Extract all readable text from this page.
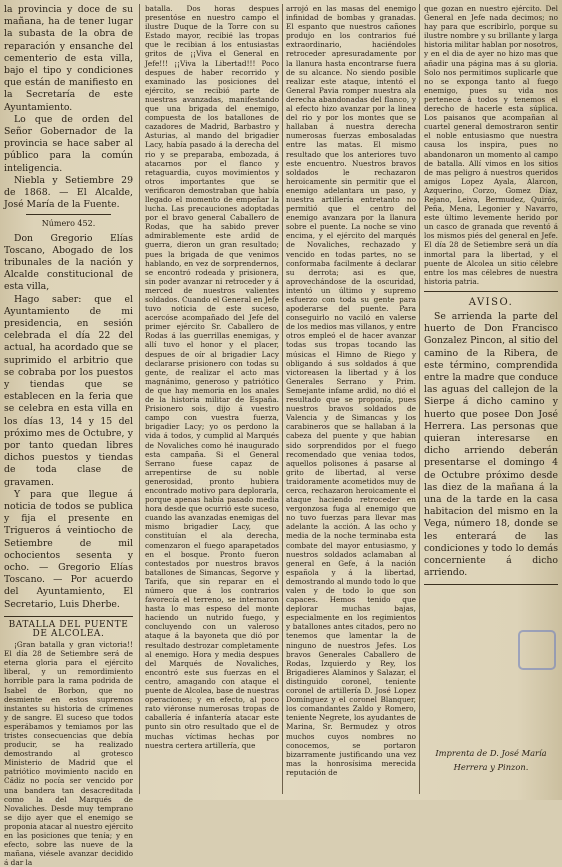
la provincia y doce de su mañana, ha de tener lugar la subasta de la obra de reparación y ensanche del cementerio de esta villa, bajo el tipo y condiciones que están de manifiesto en la Secretaría de este Ayuntamiento.

Lo que de orden del Señor Gobernador de la provincia se hace saber al público para la común inteligencia.

Niebla y Setiembre 29 de 1868. — El Alcalde, José María de la Fuente.

Número 452.

Don Gregorio Elías Toscano, Abogado de los tribunales de la nación y Alcalde constitucional de esta villa,

Hago saber: que el Ayuntamiento de mi presidencia, en sesión celebrada el día 22 del actual, ha acordado que se suprimido el arbitrio que se cobraba por los puestos y tiendas que se establecen en la feria que se celebra en esta villa en los días 13, 14 y 15 del próximo mes de Octubre, y por tanto quedan libres dichos puestos y tiendas de toda clase de gravamen.

Y para que llegue á noticia de todos se publica y fija el presente en Trigueros á veintiocho de Setiembre de mil ochocientos sesenta y ocho. — Gregorio Elías Toscano. — Por acuerdo del Ayuntamiento, El Secretario, Luis Dherbe.

BATALLA DEL PUENTE DE ALCOLEA.

¡Gran batalla y gran victoria!! El día 28 de Setiembre será de eterna gloria para el ejército liberal, y un remordimiento horrible para la rama podrida de Isabel de Borbon, que no desmiente en estos supremos instantes su historia de crímenes y de sangre. El suceso que todos esperábamos y temiamos por las tristes consecuencias que debía producir, se ha realizado demostrando al grotesco Ministerio de Madrid que el patriótico movimiento nacido en Cádiz no pocía ser vencido por una bandera tan desacreditada como la del Marqués de Novaliches. Desde muy temprano se dijo ayer que el enemigo se proponia atacar al nuestro ejército en las posiciones que tenía; y en efecto, sobre las nueve de la mañana, viésele avanzar decidido á dar la

batalla. Dos horas despues presentóse en nuestro campo el ilustre Duque de la Torre con su Estado mayor, recibié las tropas que le recibian á los entusiastas gritos de ¡¡Viva el General en Jefe!!! ¡¡Viva la Libertad!!! Poco despues de haber recorrido y examinado las posiciones del ejército, se recibió parte de nuestras avanzadas, manifestando que una brigada del enemigo, compuesta de los batallones de cazadores de Madrid, Barbastro y Asturias, al mando del brigadier Lacy, había pasado á la derecha del rio y se preparaba, embozada, á atacarnos por el flanco y retaguardia, cuyos movimientos y otros importantes que se verificaron demostraban que había llegado el momento de empeñar la lucha. Las precauciones adoptadas por el bravo general Caballero de Rodas, que ha sabido prever admirablemente este ardid de guerra, dieron un gran resultado; pues la brigada de que venimos hablando, en vez de sorprendernos, se encontró rodeada y prisionera, sin poder avanzar ni retroceder y á merced de nuestros valientes soldados. Cuando el General en Jefe tuvo noticia de este suceso, acercóse acompañado del Jefe del primer ejército Sr. Caballero de Rodas á las guerrillas enemigas, y allí tuvo el honor y el placer, despues de oír al brigadier Lacy declararse prisionero con todas su gente, de realizar el acto mas magnánimo, generoso y patriótico de que hay memoria en los anales de la historia militar de España. Prisionero sois, dijo á vuestro campo con vuestra fuerza, brigadier Lacy; yo os perdono la vida á todos, y cumplid al Marqués de Novaliches como hé inaugurado esta campaña. Si el General Serrano fuese capaz de arrepentirse de su noble generosidad, pronto hubiera encontrado motivo para deplorarla, porque apenas había pasado media hora desde que ocurrió este suceso, cuando las avanzadas enemigas del mismo brigadier Lacy, que constituían el ala derecha, comenzaron el fuego aparapetados en el bosque. Pronto fueron contestados por nuestros bravos batallones de Simancas, Segorve y Tarifa, que sin reparar en el número que á los contrarios favorecía el terreno, se internaron hasta lo mas espeso del monte haciendo un nutrido fuego, y concluyendo con un valeroso ataque á la bayoneta que dió por resultado destrozar completamente al enemigo. Hora y media despues del Marqués de Novaliches, encontró este sus fuerzas en el centro, amagando con ataque el puente de Alcolea, base de nuestras operaciones; y en efecto, al poco rato viéronse numerosas tropas de caballería é infantería atacar este punto sin otro resultado que el de muchas víctimas hechas por nuestra certera artillería, que

arrojó en las masas del enemigo infinidad de bombas y granadas. El espanto que nuestros cañones produjo en los contrarios fué extraordinario, haciéndoles retroceder apresuradamente por la llanura hasta encontrarse fuera de su alcance. No siendo posible realizar este ataque, intentó el General Pavia romper nuestra ala derecha abandonadas del flanco, y al efecto hizo avanzar por la linea del rio y por los montes que se hallaban á nuestra derecha numerosas fuerzas embosaladas entre las matas. El mismo resultado que los anteriores tuvo este encuentro. Nuestros bravos soldados le rechazaron heroicamente sin permitir que el enemigo adelantara un paso, y nuestra artillería entretanto no permitió que el centro del enemigo avanzara por la llanura sobre el puente. La noche se vino encima, y el ejército del marqués de Novaliches, rechazado y vencido en todas partes, no se conformaba facilmente á declarar su derrota; asi es que, aprovechándose de la oscuridad, intentó un último y supremo esfuerzo con toda su gente para apoderarse del puente. Para conseguirlo no vaciló en valerse de los medios mas villanos, y entre otros empleó el de hacer avanzar todas sus tropas tocando las músicas el Himno de Riego y obligando á sus soldados á que victoreasen la libertad y á los Generales Serrano y Prim. Semejante infame ardid, no dió el resultado que se proponía, pues nuestros bravos soldados de Valencia y de Simancas y los carabineros que se hallaban á la cabeza del puente y que habian sido sorprendidos por el fuego recomendado que veniaa todos, aquellos polisones á pasarse al grito de libertad, al verse traidoramente acometidos muy de cerca, rechazaron heroicamente el ataque haciendo retroceder en vergonzosa fuga al enemigo que no tuvo fuerzas para llevar mas adelante la acción. A las ocho y media de la noche terminaba esta combate del mayor entusiasmo, y nuestros soldados aclamaban al general en Gefe, á la nación española y á la libertad, demostrando al mundo todo lo que valen y de todo lo que son capaces. Hemos tenido que deplorar muchas bajas, especialmente en los regimientos y batallones antes citados, pero no tenemos que lamentar la de ninguno de nuestros Jefes. Los bravos Generales Caballero de Rodas, Izquierdo y Rey, los Brigadieres Alaminos y Salazar, el distinguido coronel, teniente coronel de artillería D. José Lopez Domínguez y el coronel Blanquer, los comandantes Zaldo y Romero, teniente Negrete, los ayudantes de Marina, Sr. Bermudez y otros muchos cuyos nombres no conocemos, se portaron bizarramente justificando una vez mas la honrosísima merecida reputación de

que gozan en nuestro ejército. Del General en Jefe nada decimos; no hay para que escribirlo, porque su ilustre nombre y su brillante y larga historia militar hablan por nosotros, y en el dia de ayer no hizo mas que añadir una página mas á su gloria. Solo nos permitimos suplicarle que no se exponga tanto al fuego enemigo, pues su vida nos pertenece á todos y tenemos el derecho de hacerle esta súplica. Los paisanos que acompañan al cuartel general demostraron sentir el noble entusiasmo que nuestra causa los inspira, pues no abandonaron un momento al campo de batalla. Allí vimos en los sitios de mas peligro á nuestros queridos amigos Lopez Ayala, Alarcon, Azquerino, Corzo, Gomez Díaz, Rejano, Leiva, Bermudez, Quirós, Peña, Mena, Legonier y Navarro, este último levemente herido por un casco de granada que reventó á los mismos piés del general en Jefe. El día 28 de Setiembre será un día inmortal para la libertad, y el puente de Alcolea un sitio célebre entre los mas célebres de nuestra historia patria.

AVISO.

Se arrienda la parte del huerto de Don Francisco Gonzalez Pincon, al sitio del camino de la Ribera, de este término, comprendida entre la madre que conduce las aguas del callejon de la Sierpe á dicho camino y huerto que posee Don José Herrera. Las personas que quieran interesarse en dicho arriendo deberán presentarse el domingo 4 de Octubre próximo desde las diez de la mañana á la una de la tarde en la casa habitacion del mismo en la Vega, número 18, donde se les enterará de las condiciones y todo lo demás concerniente á dicho arriendo.

Imprenta de D. José María

Herrera y Pinzon.
